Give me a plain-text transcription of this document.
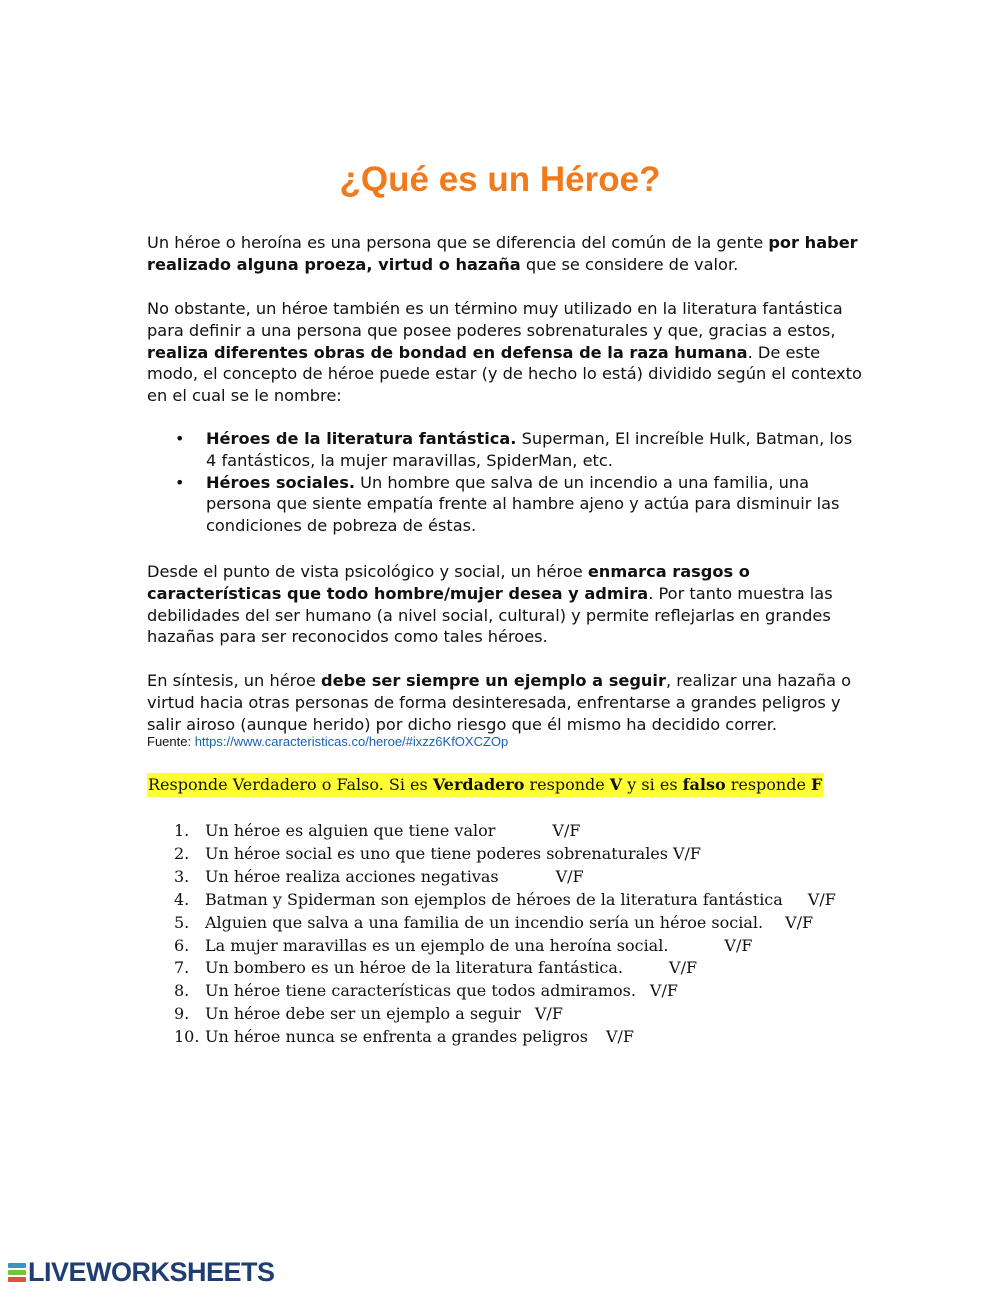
¿Qué es un Héroe?

Un héroe o heroína es una persona que se diferencia del común de la gente por haber realizado alguna proeza, virtud o hazaña que se considere de valor.

No obstante, un héroe también es un término muy utilizado en la literatura fantástica para definir a una persona que posee poderes sobrenaturales y que, gracias a estos, realiza diferentes obras de bondad en defensa de la raza humana. De este modo, el concepto de héroe puede estar (y de hecho lo está) dividido según el contexto en el cual se le nombre:

• Héroes de la literatura fantástica. Superman, El increíble Hulk, Batman, los 4 fantásticos, la mujer maravillas, SpiderMan, etc.
• Héroes sociales. Un hombre que salva de un incendio a una familia, una persona que siente empatía frente al hambre ajeno y actúa para disminuir las condiciones de pobreza de éstas.

Desde el punto de vista psicológico y social, un héroe enmarca rasgos o características que todo hombre/mujer desea y admira. Por tanto muestra las debilidades del ser humano (a nivel social, cultural) y permite reflejarlas en grandes hazañas para ser reconocidos como tales héroes.

En síntesis, un héroe debe ser siempre un ejemplo a seguir, realizar una hazaña o virtud hacia otras personas de forma desinteresada, enfrentarse a grandes peligros y salir airoso (aunque herido) por dicho riesgo que él mismo ha decidido correr.

Fuente: https://www.caracteristicas.co/heroe/#ixzz6KfOXCZOp
Responde Verdadero o Falso. Si es Verdadero responde V y si es falso responde F
1. Un héroe es alguien que tiene valor	V/F
2. Un héroe social es uno que tiene poderes sobrenaturales V/F
3. Un héroe realiza acciones negativas	V/F
4. Batman y Spiderman son ejemplos de héroes de la literatura fantástica V/F
5. Alguien que salva a una familia de un incendio sería un héroe social. V/F
6. La mujer maravillas es un ejemplo de una heroína social.	V/F
7. Un bombero es un héroe de la literatura fantástica.	V/F
8. Un héroe tiene características que todos admiramos. V/F
9. Un héroe debe ser un ejemplo a seguir V/F
10. Un héroe nunca se enfrenta a grandes peligros V/F
LIVEWORKSHEETS
